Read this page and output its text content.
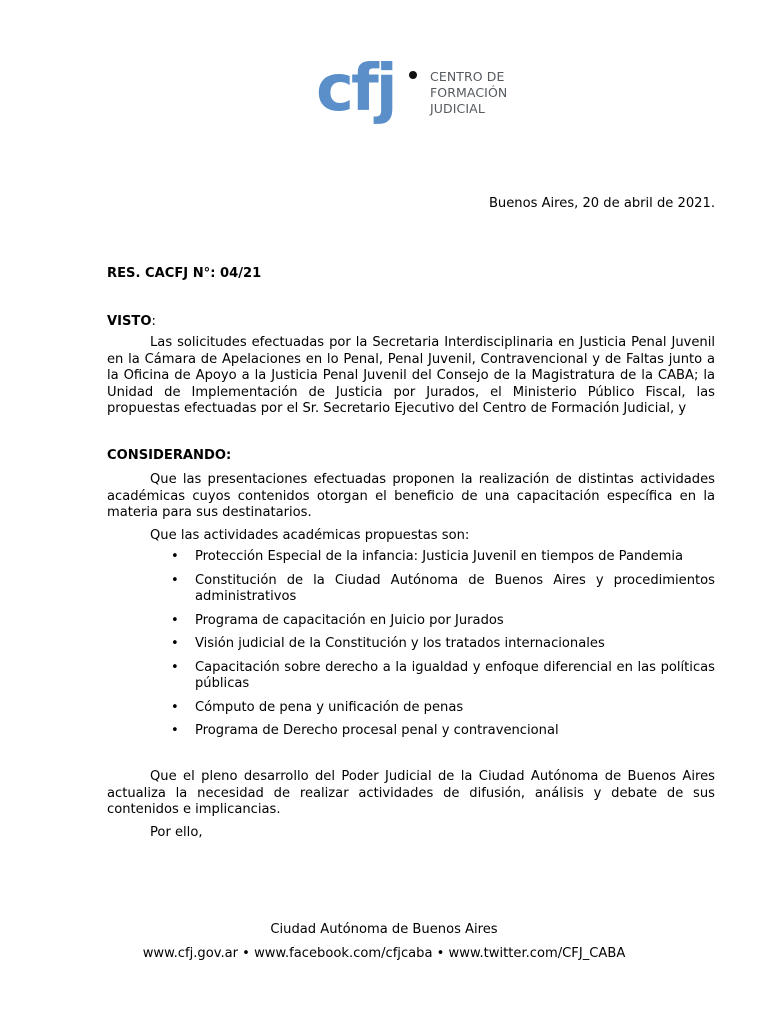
cfj	CENTRO DE
FORMACIÓN
JUDICIAL
Buenos Aires, 20 de abril de 2021.
RES. CACFJ N°: 04/21
VISTO:
Las solicitudes efectuadas por la Secretaria Interdisciplinaria en Justicia Penal Juvenil en la Cámara de Apelaciones en lo Penal, Penal Juvenil, Contravencional y de Faltas junto a la Oficina de Apoyo a la Justicia Penal Juvenil del Consejo de la Magistratura de la CABA; la Unidad de Implementación de Justicia por Jurados, el Ministerio Público Fiscal, las propuestas efectuadas por el Sr. Secretario Ejecutivo del Centro de Formación Judicial, y
CONSIDERANDO:
Que las presentaciones efectuadas proponen la realización de distintas actividades académicas cuyos contenidos otorgan el beneficio de una capacitación específica en la materia para sus destinatarios.
Que las actividades académicas propuestas son:
• Protección Especial de la infancia: Justicia Juvenil en tiempos de Pandemia
• Constitución de la Ciudad Autónoma de Buenos Aires y procedimientos administrativos
• Programa de capacitación en Juicio por Jurados
• Visión judicial de la Constitución y los tratados internacionales
• Capacitación sobre derecho a la igualdad y enfoque diferencial en las políticas públicas
• Cómputo de pena y unificación de penas
• Programa de Derecho procesal penal y contravencional
Que el pleno desarrollo del Poder Judicial de la Ciudad Autónoma de Buenos Aires actualiza la necesidad de realizar actividades de difusión, análisis y debate de sus contenidos e implicancias.
Por ello,
Ciudad Autónoma de Buenos Aires
www.cfj.gov.ar • www.facebook.com/cfjcaba • www.twitter.com/CFJ_CABA
